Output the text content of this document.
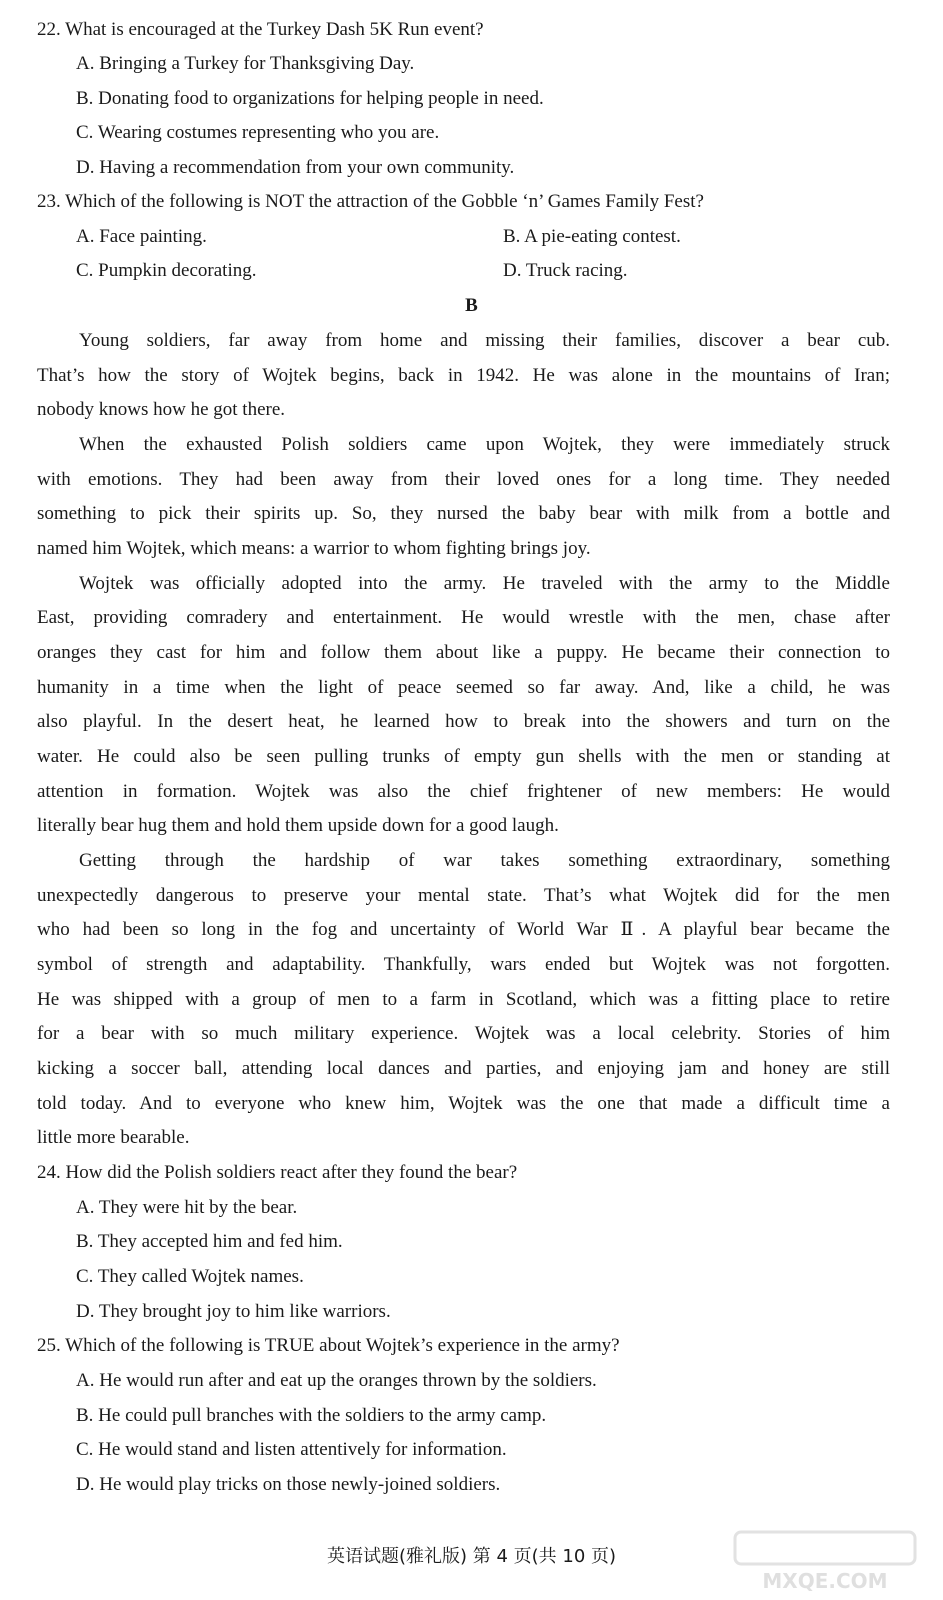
22. What is encouraged at the Turkey Dash 5K Run event?
A. Bringing a Turkey for Thanksgiving Day.
B. Donating food to organizations for helping people in need.
C. Wearing costumes representing who you are.
D. Having a recommendation from your own community.
23. Which of the following is NOT the attraction of the Gobble ‘n’ Games Family Fest?
A. Face painting.	B. A pie-eating contest.
C. Pumpkin decorating.	D. Truck racing.
B
Young soldiers, far away from home and missing their families, discover a bear cub.
That’s how the story of Wojtek begins, back in 1942. He was alone in the mountains of Iran;
nobody knows how he got there.
When the exhausted Polish soldiers came upon Wojtek, they were immediately struck
with emotions. They had been away from their loved ones for a long time. They needed
something to pick their spirits up. So, they nursed the baby bear with milk from a bottle and
named him Wojtek, which means: a warrior to whom fighting brings joy.
Wojtek was officially adopted into the army. He traveled with the army to the Middle
East, providing comradery and entertainment. He would wrestle with the men, chase after
oranges they cast for him and follow them about like a puppy. He became their connection to
humanity in a time when the light of peace seemed so far away. And, like a child, he was
also playful. In the desert heat, he learned how to break into the showers and turn on the
water. He could also be seen pulling trunks of empty gun shells with the men or standing at
attention in formation. Wojtek was also the chief frightener of new members: He would
literally bear hug them and hold them upside down for a good laugh.
Getting through the hardship of war takes something extraordinary, something
unexpectedly dangerous to preserve your mental state. That’s what Wojtek did for the men
who had been so long in the fog and uncertainty of World War Ⅱ. A playful bear became the
symbol of strength and adaptability. Thankfully, wars ended but Wojtek was not forgotten.
He was shipped with a group of men to a farm in Scotland, which was a fitting place to retire
for a bear with so much military experience. Wojtek was a local celebrity. Stories of him
kicking a soccer ball, attending local dances and parties, and enjoying jam and honey are still
told today. And to everyone who knew him, Wojtek was the one that made a difficult time a
little more bearable.
24. How did the Polish soldiers react after they found the bear?
A. They were hit by the bear.
B. They accepted him and fed him.
C. They called Wojtek names.
D. They brought joy to him like warriors.
25. Which of the following is TRUE about Wojtek’s experience in the army?
A. He would run after and eat up the oranges thrown by the soldiers.
B. He could pull branches with the soldiers to the army camp.
C. He would stand and listen attentively for information.
D. He would play tricks on those newly-joined soldiers.
英语试题(雅礼版) 第 4 页(共 10 页)
MXQE.COM
